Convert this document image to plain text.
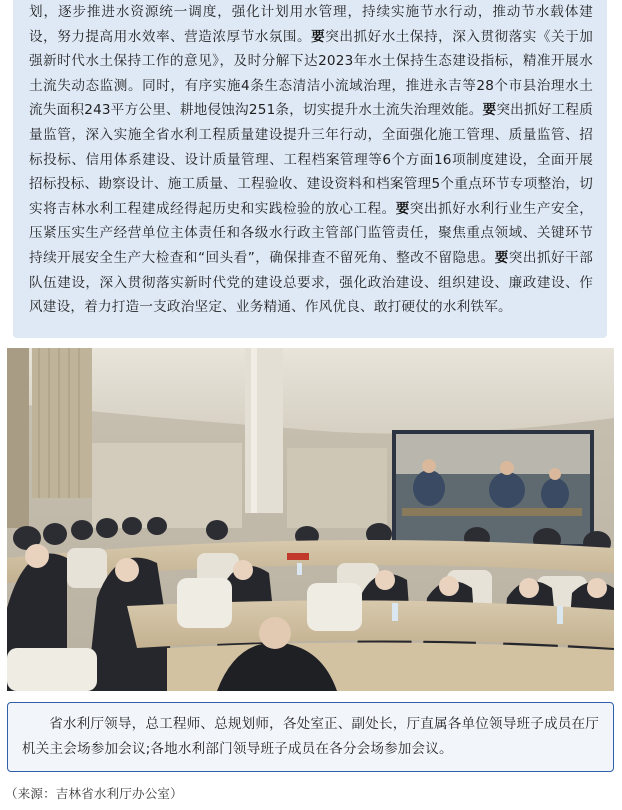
划，逐步推进水资源统一调度，强化计划用水管理，持续实施节水行动，推动节水载体建设，努力提高用水效率、营造浓厚节水氛围。要突出抓好水土保持，深入贯彻落实《关于加强新时代水土保持工作的意见》，及时分解下达2023年水土保持生态建设指标，精准开展水土流失动态监测。同时，有序实施4条生态清洁小流域治理，推进永吉等28个市县治理水土流失面积243平方公里、耕地侵蚀沟251条，切实提升水土流失治理效能。要突出抓好工程质量监管，深入实施全省水利工程质量建设提升三年行动，全面强化施工管理、质量监管、招标投标、信用体系建设、设计质量管理、工程档案管理等6个方面16项制度建设，全面开展招标投标、勘察设计、施工质量、工程验收、建设资料和档案管理5个重点环节专项整治，切实将吉林水利工程建成经得起历史和实践检验的放心工程。要突出抓好水利行业生产安全，压紧压实生产经营单位主体责任和各级水行政主管部门监管责任，聚焦重点领域、关键环节持续开展安全生产大检查和“回头看”，确保排查不留死角、整改不留隐患。要突出抓好干部队伍建设，深入贯彻落实新时代党的建设总要求，强化政治建设、组织建设、廉政建设、作风建设，着力打造一支政治坚定、业务精通、作风优良、敢打硬仗的水利铁军。

省水利厅领导，总工程师、总规划师，各处室正、副处长，厅直属各单位领导班子成员在厅机关主会场参加会议;各地水利部门领导班子成员在各分会场参加会议。

（来源：吉林省水利厅办公室）
